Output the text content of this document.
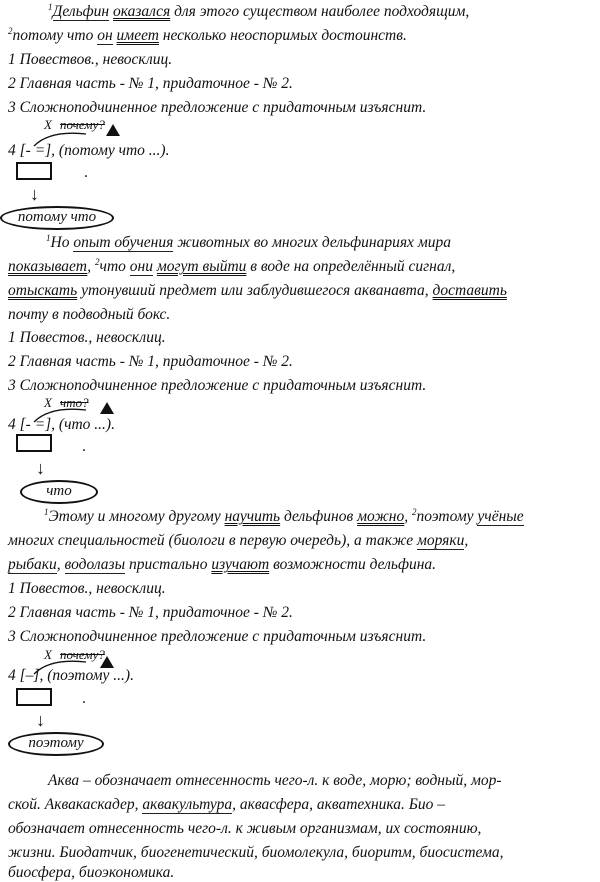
$^1$Дельфин оказался для этого существом наиболее подходящим,
$^2$потому что он имеет несколько неоспоримых достоинств.
1 Повествов., невосклиц.
2 Главная часть - № 1, придаточное - № 2.
3 Сложноподчиненное предложение с придаточным изъяснит.
X почему?
4 [- =], (потому что ...).
.
↓
потому что
$^1$Но опыт обучения животных во многих дельфинариях мира
показывает, $^2$что они могут выйти в воде на определённый сигнал,
отыскать утонувший предмет или заблудившегося акванавта, доставить
почту в подводный бокс.
1 Повестов., невосклиц.
2 Главная часть - № 1, придаточное - № 2.
3 Сложноподчиненное предложение с придаточным изъяснит.
X что?
4 [- =], (что ...).
.
↓
что
$^1$Этому и многому другому научить дельфинов можно, $^2$поэтому учёные
многих специальностей (биологи в первую очередь), а также моряки,
рыбаки, водолазы пристально изучают возможности дельфина.
1 Повестов., невосклиц.
2 Главная часть - № 1, придаточное - № 2.
3 Сложноподчиненное предложение с придаточным изъяснит.
X почему?
4 [–], (поэтому ...).
.
↓
поэтому
Аква – обозначает отнесенность чего-л. к воде, морю; водный, мор-
ской. Аквакаскадер, аквакультура, аквасфера, акватехника. Био –
обозначает отнесенность чего-л. к живым организмам, их состоянию,
жизни. Биодатчик, биогенетический, биомолекула, биоритм, биосистема,
биосфера, биоэкономика.
